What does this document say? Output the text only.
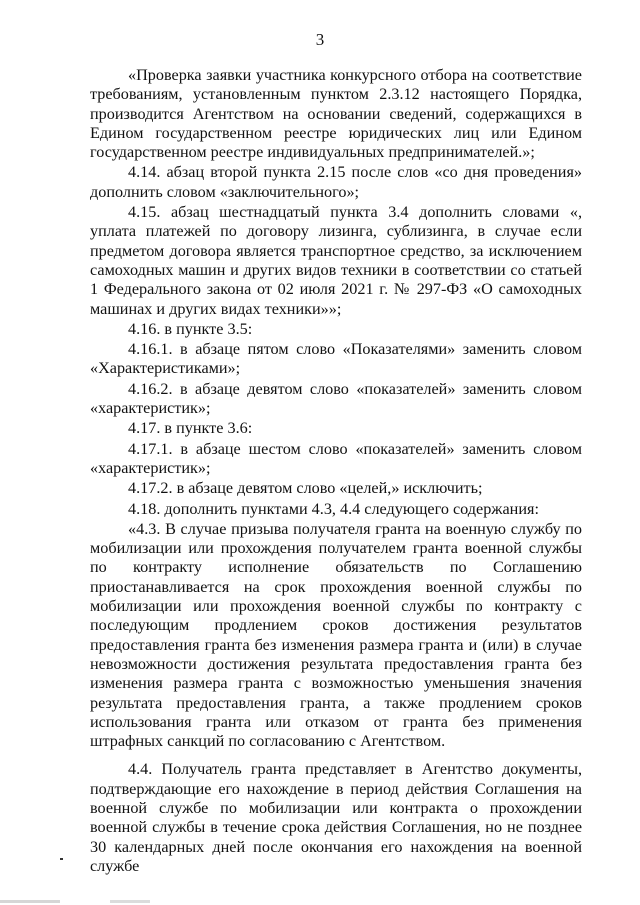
3

«Проверка заявки участника конкурсного отбора на соответствие требованиям, установленным пунктом 2.3.12 настоящего Порядка, производится Агентством на основании сведений, содержащихся в Едином государственном реестре юридических лиц или Едином государственном реестре индивидуальных предпринимателей.»;

4.14. абзац второй пункта 2.15 после слов «со дня проведения» дополнить словом «заключительного»;

4.15. абзац шестнадцатый пункта 3.4 дополнить словами «, уплата платежей по договору лизинга, сублизинга, в случае если предметом договора является транспортное средство, за исключением самоходных машин и других видов техники в соответствии со статьей 1 Федерального закона от 02 июля 2021 г. № 297-ФЗ «О самоходных машинах и других видах техники»»;

4.16. в пункте 3.5:

4.16.1. в абзаце пятом слово «Показателями» заменить словом «Характеристиками»;

4.16.2. в абзаце девятом слово «показателей» заменить словом «характеристик»;

4.17. в пункте 3.6:

4.17.1. в абзаце шестом слово «показателей» заменить словом «характеристик»;

4.17.2. в абзаце девятом слово «целей,» исключить;

4.18. дополнить пунктами 4.3, 4.4 следующего содержания:

«4.3. В случае призыва получателя гранта на военную службу по мобилизации или прохождения получателем гранта военной службы по контракту исполнение обязательств по Соглашению приостанавливается на срок прохождения военной службы по мобилизации или прохождения военной службы по контракту с последующим продлением сроков достижения результатов предоставления гранта без изменения размера гранта и (или) в случае невозможности достижения результата предоставления гранта без изменения размера гранта с возможностью уменьшения значения результата предоставления гранта, а также продлением сроков использования гранта или отказом от гранта без применения штрафных санкций по согласованию с Агентством.

4.4. Получатель гранта представляет в Агентство документы, подтверждающие его нахождение в период действия Соглашения на военной службе по мобилизации или контракта о прохождении военной службы в течение срока действия Соглашения, но не позднее 30 календарных дней после окончания его нахождения на военной службе
